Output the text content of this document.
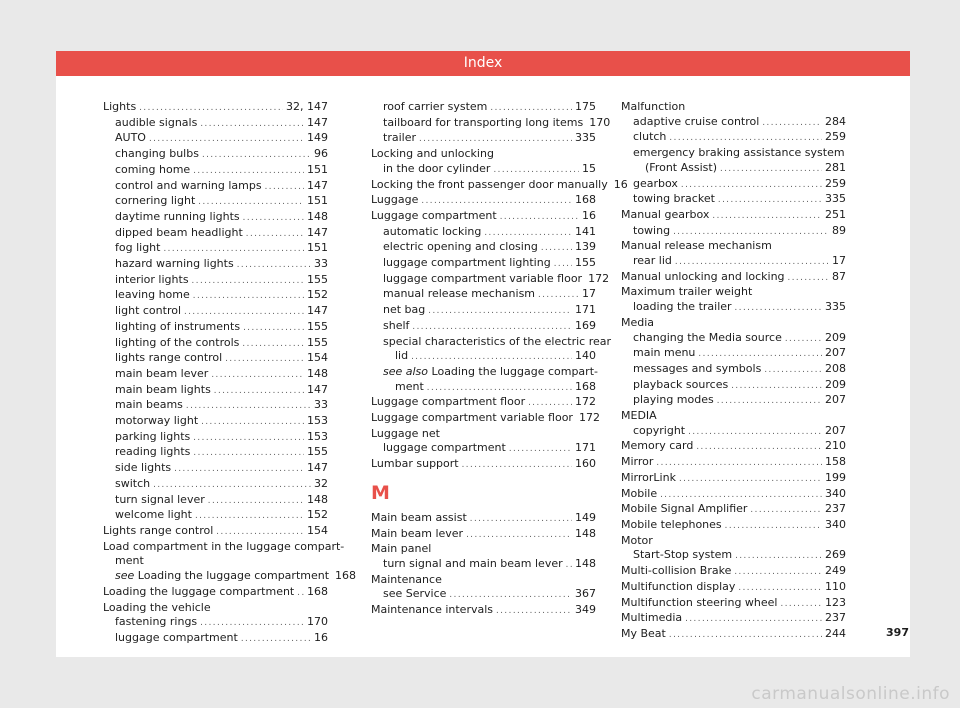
Index
Lights .....	32, 147
audible signals .....	147
AUTO .....	149
changing bulbs .....	96
coming home .....	151
control and warning lamps .....	147
cornering light .....	151
daytime running lights .....	148
dipped beam headlight .....	147
fog light .....	151
hazard warning lights .....	33
interior lights .....	155
leaving home .....	152
light control .....	147
lighting of instruments .....	155
lighting of the controls .....	155
lights range control .....	154
main beam lever .....	148
main beam lights .....	147
main beams .....	33
motorway light .....	153
parking lights .....	153
reading lights .....	155
side lights .....	147
switch .....	32
turn signal lever .....	148
welcome light .....	152
Lights range control .....	154
Load compartment in the luggage compart-
ment
see Loading the luggage compartment 168
Loading the luggage compartment ..... 168
Loading the vehicle
fastening rings .....	170
luggage compartment .....	16
roof carrier system .....	175
tailboard for transporting long items 170
trailer .....	335
Locking and unlocking
in the door cylinder .....	15
Locking the front passenger door manually 16
Luggage .....	168
Luggage compartment .....	16
automatic locking .....	141
electric opening and closing .....	139
luggage compartment lighting ..... 155
luggage compartment variable floor 172
manual release mechanism .....	17
net bag .....	171
shelf .....	169
special characteristics of the electric rear
lid .....	140
see also Loading the luggage compart-
ment .....	168
Luggage compartment floor .....	172
Luggage compartment variable floor 172
Luggage net
luggage compartment .....	171
Lumbar support .....	160
M
Main beam assist .....	149
Main beam lever .....	148
Main panel
turn signal and main beam lever ..... 148
Maintenance
see Service .....	367
Maintenance intervals .....	349
Malfunction
adaptive cruise control .....	284
clutch .....	259
emergency braking assistance system
(Front Assist) .....	281
gearbox .....	259
towing bracket .....	335
Manual gearbox .....	251
towing .....	89
Manual release mechanism
rear lid .....	17
Manual unlocking and locking .....	87
Maximum trailer weight
loading the trailer .....	335
Media
changing the Media source .....	209
main menu .....	207
messages and symbols .....	208
playback sources .....	209
playing modes .....	207
MEDIA
copyright .....	207
Memory card .....	210
Mirror .....	158
MirrorLink .....	199
Mobile .....	340
Mobile Signal Amplifier .....	237
Mobile telephones .....	340
Motor
Start-Stop system .....	269
Multi-collision Brake .....	249
Multifunction display .....	110
Multifunction steering wheel .....	123
Multimedia .....	237
My Beat .....	244	397
carmanualsonline.info
